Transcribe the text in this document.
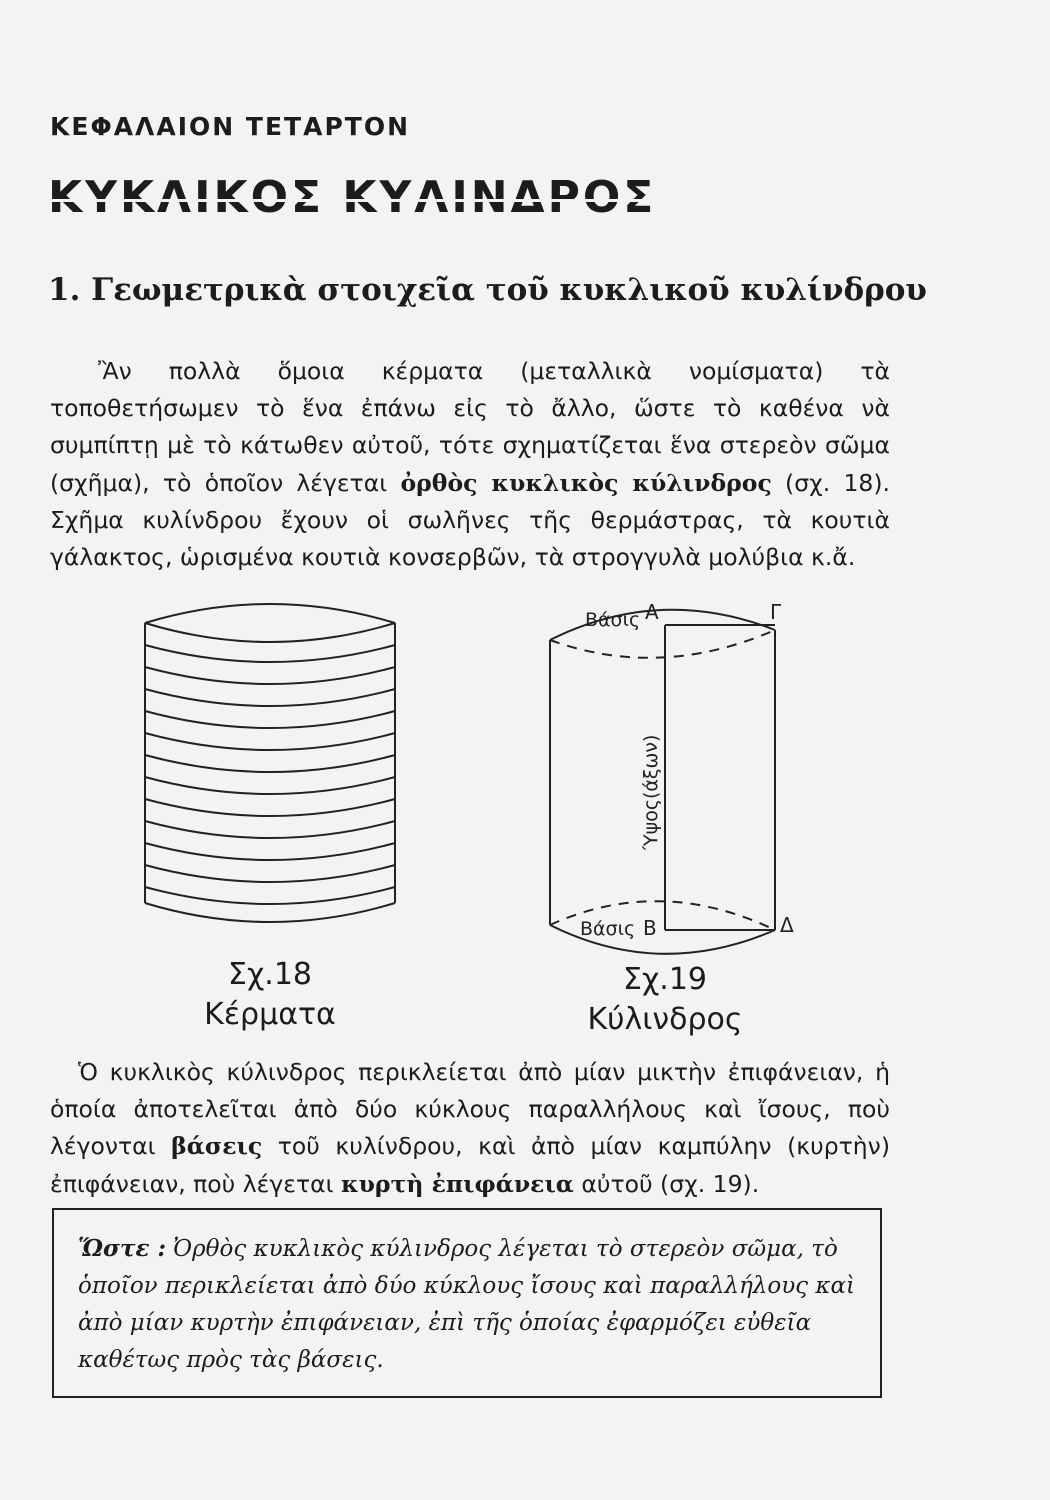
ΚΕΦΑΛΑΙΟΝ ΤΕΤΑΡΤΟΝ
ΚΥΚΛΙΚΟΣ ΚΥΛΙΝΔΡΟΣ
1. Γεωμετρικὰ στοιχεῖα τοῦ κυκλικοῦ κυλίνδρου
Ἂν πολλὰ ὅμοια κέρματα (μεταλλικὰ νομίσματα) τὰ τοποθετήσωμεν τὸ ἕνα ἐπάνω εἰς τὸ ἄλλο, ὥστε τὸ καθένα νὰ συμπίπτῃ μὲ τὸ κάτωθεν αὐτοῦ, τότε σχηματίζεται ἕνα στερεὸν σῶμα (σχῆμα), τὸ ὁποῖον λέγεται ὀρθὸς κυκλικὸς κύλινδρος (σχ. 18). Σχῆμα κυλίνδρου ἔχουν οἱ σωλῆνες τῆς θερμάστρας, τὰ κουτιὰ γάλακτος, ὡρισμένα κουτιὰ κονσερβῶν, τὰ στρογγυλὰ μολύβια κ.ἄ.
Βάσις Α	Γ
Βάσις Β	Δ
Ύψος(άξων)
Σχ.18
Κέρματα
Σχ.19
Κύλινδρος
Ὁ κυκλικὸς κύλινδρος περικλείεται ἀπὸ μίαν μικτὴν ἐπιφάνειαν, ἡ ὁποία ἀποτελεῖται ἀπὸ δύο κύκλους παραλλήλους καὶ ἴσους, ποὺ λέγονται βάσεις τοῦ κυλίνδρου, καὶ ἀπὸ μίαν καμπύλην (κυρτὴν) ἐπιφάνειαν, ποὺ λέγεται κυρτὴ ἐπιφάνεια αὐτοῦ (σχ. 19).
Ὥστε : Ὀρθὸς κυκλικὸς κύλινδρος λέγεται τὸ στερεὸν σῶμα, τὸ ὁποῖον περικλείεται ἀπὸ δύο κύκλους ἴσους καὶ παραλλήλους καὶ ἀπὸ μίαν κυρτὴν ἐπιφάνειαν, ἐπὶ τῆς ὁποίας ἐφαρμόζει εὐθεῖα καθέτως πρὸς τὰς βάσεις.
